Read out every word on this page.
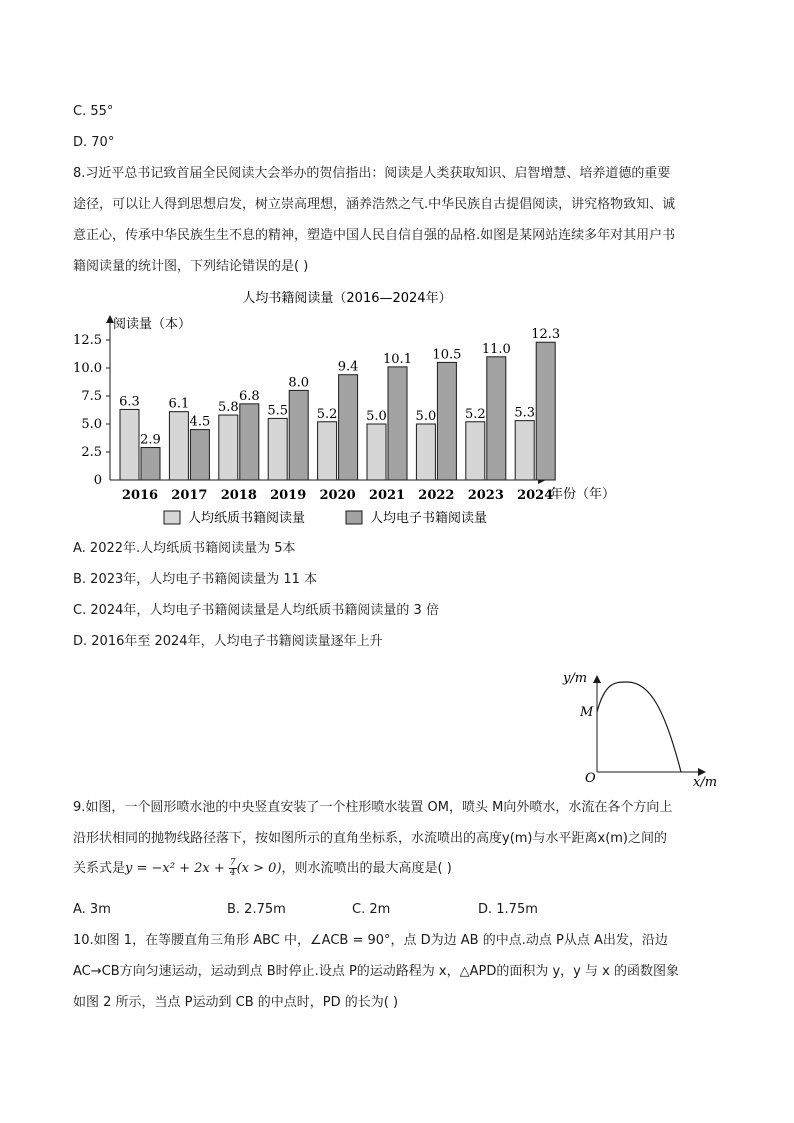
C. 55°
D. 70°
8.习近平总书记致首届全民阅读大会举办的贺信指出：阅读是人类获取知识、启智增慧、培养道德的重要
途径，可以让人得到思想启发，树立崇高理想，涵养浩然之气.中华民族自古提倡阅读，讲究格物致知、诚
意正心，传承中华民族生生不息的精神，塑造中国人民自信自强的品格.如图是某网站连续多年对其用户书
籍阅读量的统计图，下列结论错误的是( )
人均书籍阅读量（2016—2024年）
阅读量（本）
年份（年）
0
2.5
5.0
7.5
10.0
12.5
6.3
2.9
6.1
4.5
5.8
6.8
5.5
8.0
5.2
9.4
5.0
10.1
5.0
10.5
5.2
11.0
5.3
12.3
2016 2017 2018 2019 2020 2021 2022 2023 2024
人均纸质书籍阅读量	人均电子书籍阅读量
A. 2022年.人均纸质书籍阅读量为 5本
B. 2023年，人均电子书籍阅读量为 11 本
C. 2024年，人均电子书籍阅读量是人均纸质书籍阅读量的 3 倍
D. 2016年至 2024年，人均电子书籍阅读量逐年上升
y/m
M
O	x/m
9.如图，一个圆形喷水池的中央竖直安装了一个柱形喷水装置 OM，喷头 M向外喷水，水流在各个方向上
沿形状相同的抛物线路径落下，按如图所示的直角坐标系，水流喷出的高度y(m)与水平距离x(m)之间的
关系式是$y = -x^2 + 2x + \frac{7}{4} (x > 0)$，则水流喷出的最大高度是( )
A. 3m	B. 2.75m	C. 2m	D. 1.75m
10.如图 1，在等腰直角三角形 ABC 中，∠ACB = 90°，点 D为边 AB 的中点.动点 P从点 A出发，沿边
AC→CB方向匀速运动，运动到点 B时停止.设点 P的运动路程为 x，△APD的面积为 y，y 与 x 的函数图象
如图 2 所示，当点 P运动到 CB 的中点时，PD 的长为( )
